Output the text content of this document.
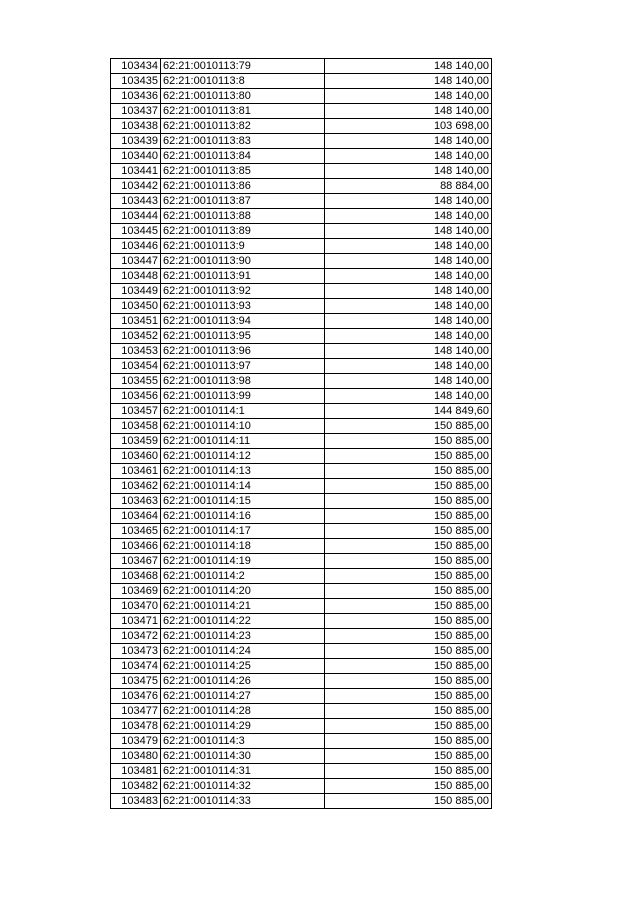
103434	62:21:0010113:79	148 140,00
103435	62:21:0010113:8	148 140,00
103436	62:21:0010113:80	148 140,00
103437	62:21:0010113:81	148 140,00
103438	62:21:0010113:82	103 698,00
103439	62:21:0010113:83	148 140,00
103440	62:21:0010113:84	148 140,00
103441	62:21:0010113:85	148 140,00
103442	62:21:0010113:86	88 884,00
103443	62:21:0010113:87	148 140,00
103444	62:21:0010113:88	148 140,00
103445	62:21:0010113:89	148 140,00
103446	62:21:0010113:9	148 140,00
103447	62:21:0010113:90	148 140,00
103448	62:21:0010113:91	148 140,00
103449	62:21:0010113:92	148 140,00
103450	62:21:0010113:93	148 140,00
103451	62:21:0010113:94	148 140,00
103452	62:21:0010113:95	148 140,00
103453	62:21:0010113:96	148 140,00
103454	62:21:0010113:97	148 140,00
103455	62:21:0010113:98	148 140,00
103456	62:21:0010113:99	148 140,00
103457	62:21:0010114:1	144 849,60
103458	62:21:0010114:10	150 885,00
103459	62:21:0010114:11	150 885,00
103460	62:21:0010114:12	150 885,00
103461	62:21:0010114:13	150 885,00
103462	62:21:0010114:14	150 885,00
103463	62:21:0010114:15	150 885,00
103464	62:21:0010114:16	150 885,00
103465	62:21:0010114:17	150 885,00
103466	62:21:0010114:18	150 885,00
103467	62:21:0010114:19	150 885,00
103468	62:21:0010114:2	150 885,00
103469	62:21:0010114:20	150 885,00
103470	62:21:0010114:21	150 885,00
103471	62:21:0010114:22	150 885,00
103472	62:21:0010114:23	150 885,00
103473	62:21:0010114:24	150 885,00
103474	62:21:0010114:25	150 885,00
103475	62:21:0010114:26	150 885,00
103476	62:21:0010114:27	150 885,00
103477	62:21:0010114:28	150 885,00
103478	62:21:0010114:29	150 885,00
103479	62:21:0010114:3	150 885,00
103480	62:21:0010114:30	150 885,00
103481	62:21:0010114:31	150 885,00
103482	62:21:0010114:32	150 885,00
103483	62:21:0010114:33	150 885,00
